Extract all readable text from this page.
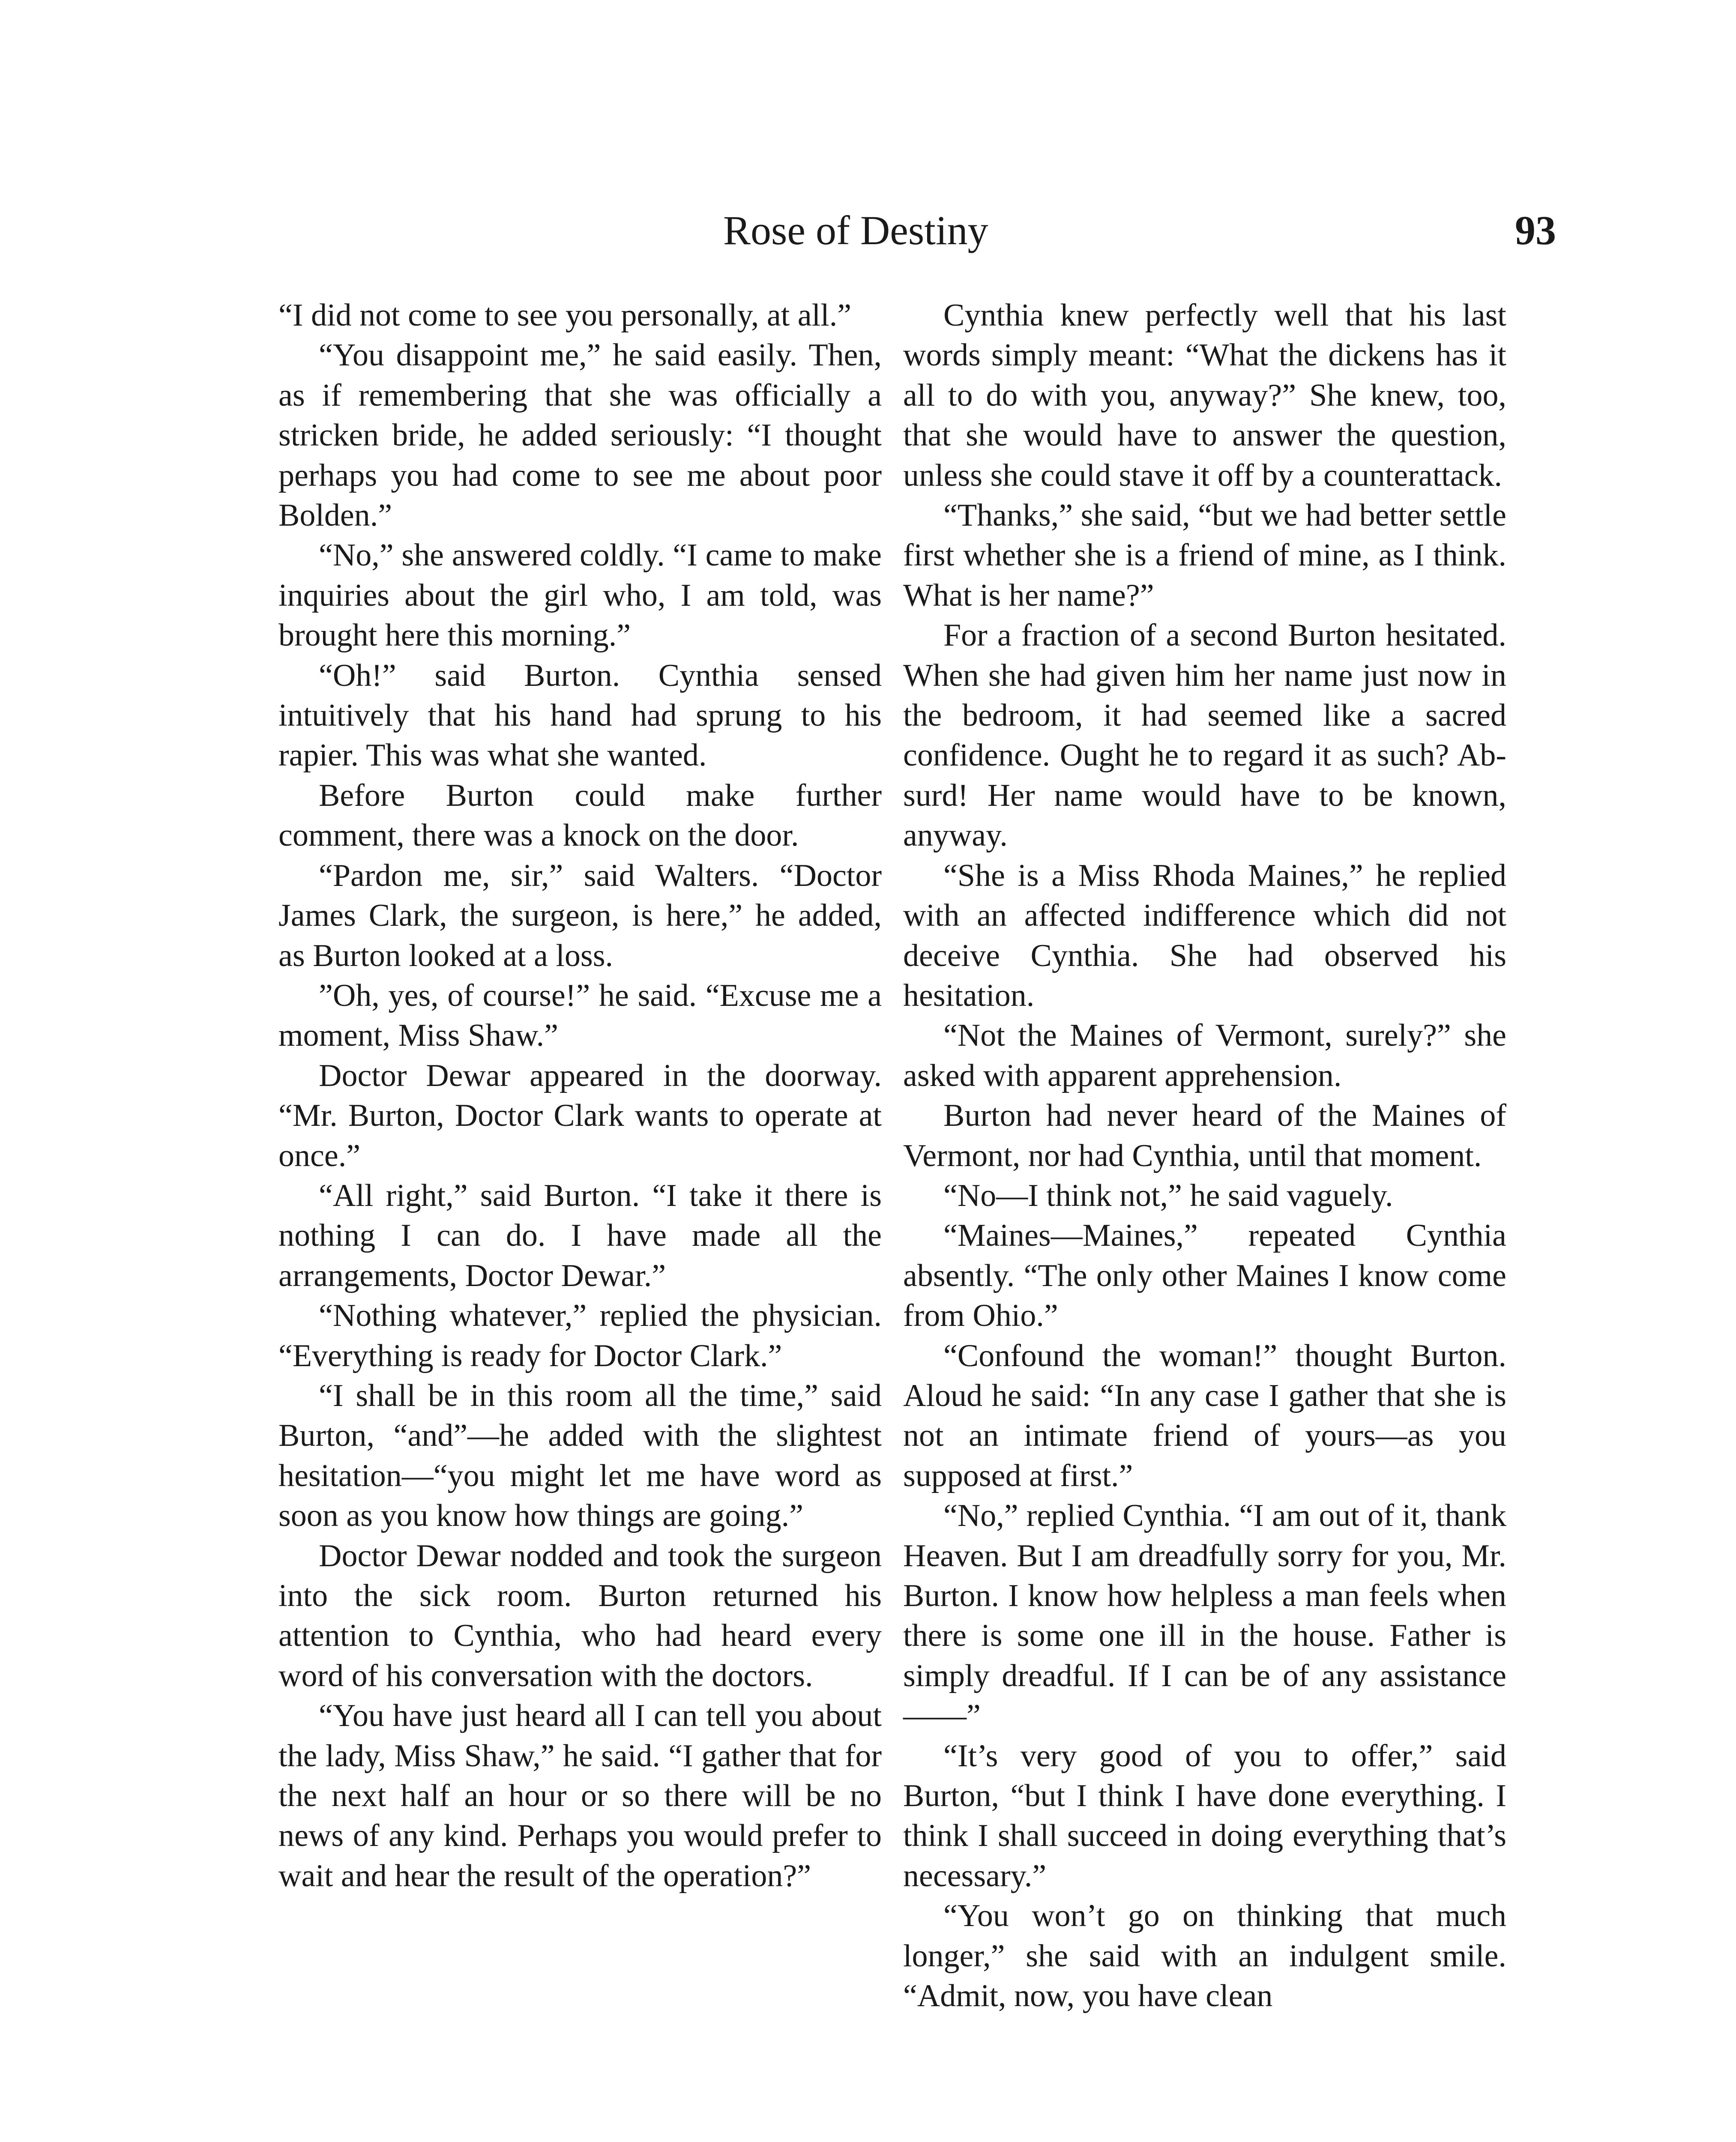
Rose of Destiny	93

“I did not come to see you personally, at all.”

“You disappoint me,” he said easily. Then, as if remembering that she was officially a stricken bride, he added seriously: “I thought perhaps you had come to see me about poor Bolden.”

“No,” she answered coldly. “I came to make inquiries about the girl who, I am told, was brought here this morning.”

“Oh!” said Burton. Cynthia sensed intuitively that his hand had sprung to his rapier. This was what she wanted.

Before Burton could make further comment, there was a knock on the door.

“Pardon me, sir,” said Walters. “Doctor James Clark, the surgeon, is here,” he added, as Burton looked at a loss.

”Oh, yes, of course!” he said. “Excuse me a moment, Miss Shaw.”

Doctor Dewar appeared in the doorway. “Mr. Burton, Doctor Clark wants to operate at once.”

“All right,” said Burton. “I take it there is nothing I can do. I have made all the arrangements, Doctor Dewar.”

“Nothing whatever,” replied the physician. “Everything is ready for Doctor Clark.”

“I shall be in this room all the time,” said Burton, “and”—he added with the slightest hesitation—“you might let me have word as soon as you know how things are going.”

Doctor Dewar nodded and took the surgeon into the sick room. Burton returned his attention to Cynthia, who had heard every word of his conversation with the doctors.

“You have just heard all I can tell you about the lady, Miss Shaw,” he said. “I gather that for the next half an hour or so there will be no news of any kind. Perhaps you would prefer to wait and hear the result of the operation?”

Cynthia knew perfectly well that his last words simply meant: “What the dickens has it all to do with you, anyway?” She knew, too, that she would have to answer the question, unless she could stave it off by a counterattack.

“Thanks,” she said, “but we had better settle first whether she is a friend of mine, as I think. What is her name?”

For a fraction of a second Burton hesitated. When she had given him her name just now in the bedroom, it had seemed like a sacred confidence. Ought he to regard it as such? Absurd! Her name would have to be known, anyway.

“She is a Miss Rhoda Maines,” he replied with an affected indifference which did not deceive Cynthia. She had observed his hesitation.

“Not the Maines of Vermont, surely?” she asked with apparent apprehension.

Burton had never heard of the Maines of Vermont, nor had Cynthia, until that moment.

“No—I think not,” he said vaguely.

“Maines—Maines,” repeated Cynthia absently. “The only other Maines I know come from Ohio.”

“Confound the woman!” thought Burton. Aloud he said: “In any case I gather that she is not an intimate friend of yours—as you supposed at first.”

“No,” replied Cynthia. “I am out of it, thank Heaven. But I am dreadfully sorry for you, Mr. Burton. I know how helpless a man feels when there is some one ill in the house. Father is simply dreadful. If I can be of any assistance——”

“It’s very good of you to offer,” said Burton, “but I think I have done everything. I think I shall succeed in doing everything that’s necessary.”

“You won’t go on thinking that much longer,” she said with an indulgent smile. “Admit, now, you have clean
